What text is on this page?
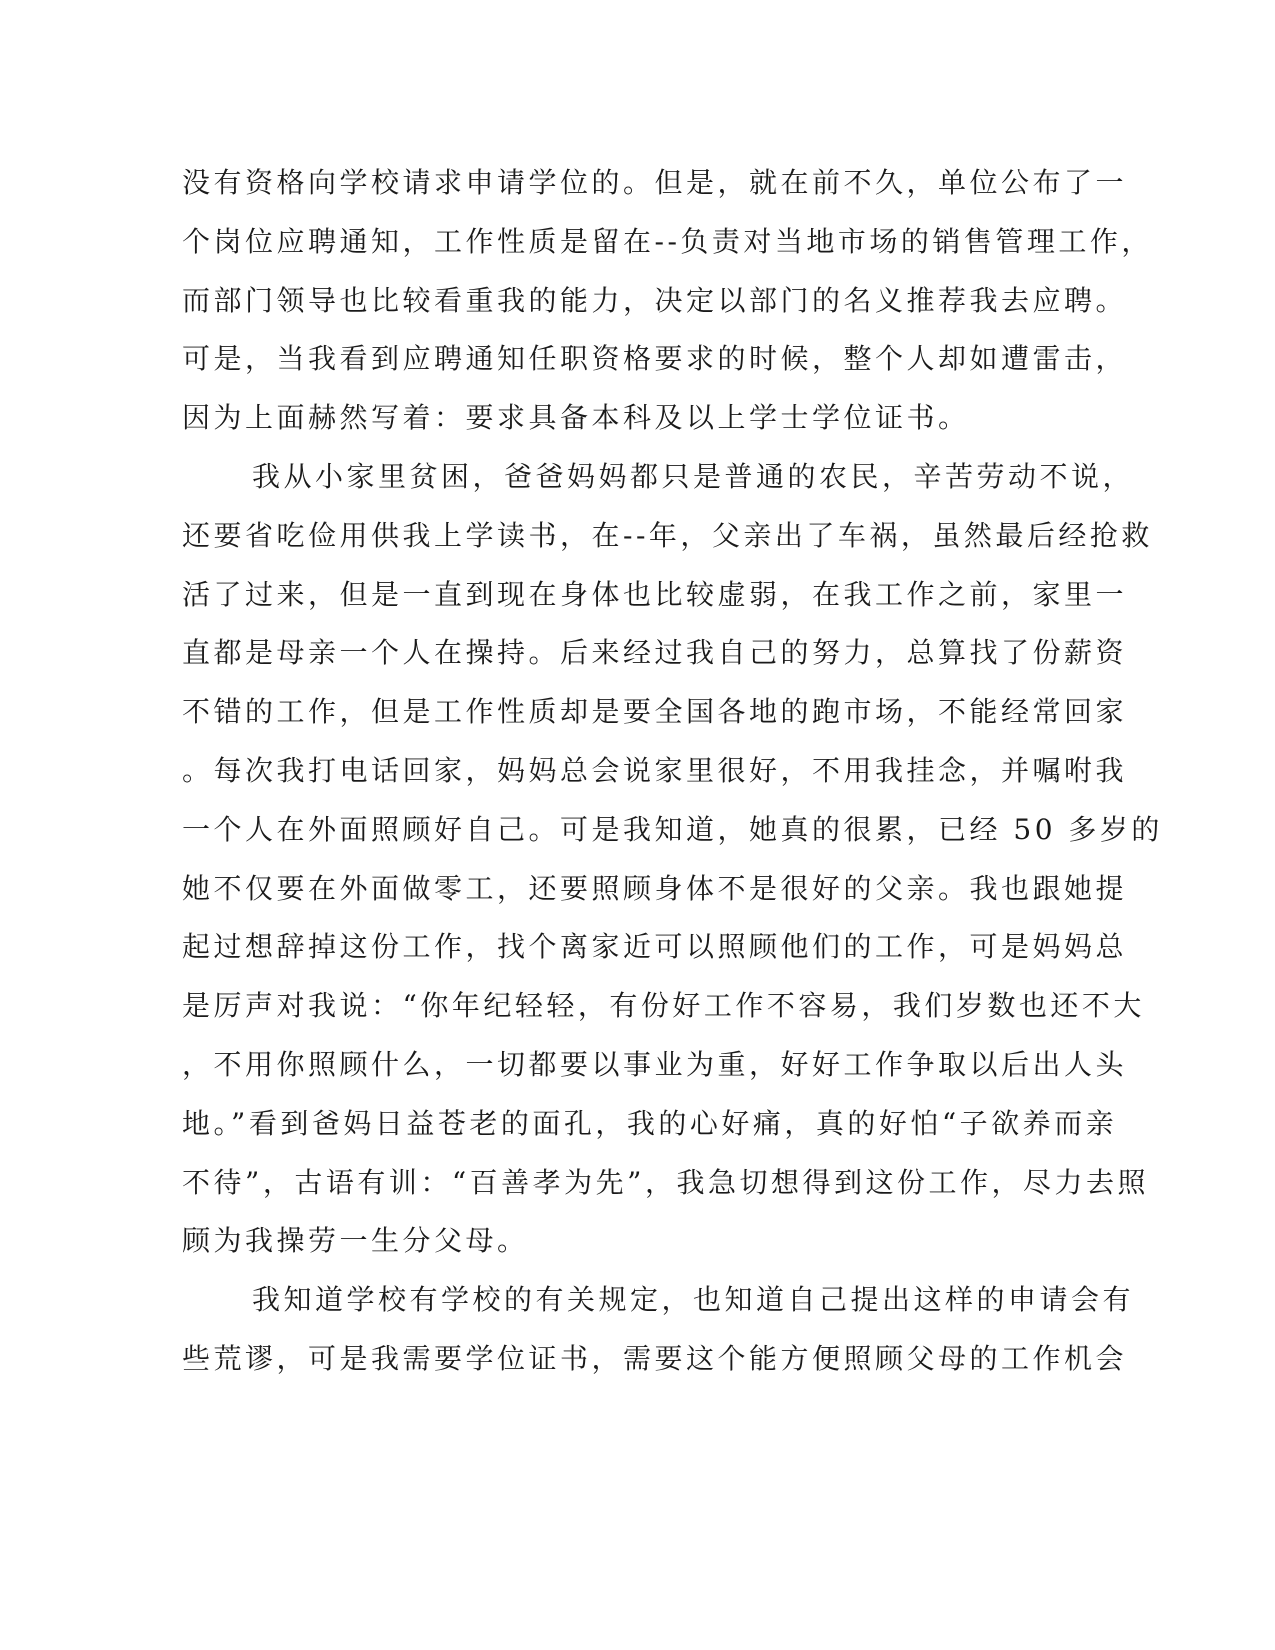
没有资格向学校请求申请学位的。但是，就在前不久，单位公布了一
个岗位应聘通知，工作性质是留在--负责对当地市场的销售管理工作，
而部门领导也比较看重我的能力，决定以部门的名义推荐我去应聘。
可是，当我看到应聘通知任职资格要求的时候，整个人却如遭雷击，
因为上面赫然写着：要求具备本科及以上学士学位证书。
我从小家里贫困，爸爸妈妈都只是普通的农民，辛苦劳动不说，
还要省吃俭用供我上学读书，在--年，父亲出了车祸，虽然最后经抢救
活了过来，但是一直到现在身体也比较虚弱，在我工作之前，家里一
直都是母亲一个人在操持。后来经过我自己的努力，总算找了份薪资
不错的工作，但是工作性质却是要全国各地的跑市场，不能经常回家
。每次我打电话回家，妈妈总会说家里很好，不用我挂念，并嘱咐我
一个人在外面照顾好自己。可是我知道，她真的很累，已经 50 多岁的
她不仅要在外面做零工，还要照顾身体不是很好的父亲。我也跟她提
起过想辞掉这份工作，找个离家近可以照顾他们的工作，可是妈妈总
是厉声对我说：“你年纪轻轻，有份好工作不容易，我们岁数也还不大
，不用你照顾什么，一切都要以事业为重，好好工作争取以后出人头
地。”看到爸妈日益苍老的面孔，我的心好痛，真的好怕“子欲养而亲
不待”，古语有训：“百善孝为先”，我急切想得到这份工作，尽力去照
顾为我操劳一生分父母。
我知道学校有学校的有关规定，也知道自己提出这样的申请会有
些荒谬，可是我需要学位证书，需要这个能方便照顾父母的工作机会
